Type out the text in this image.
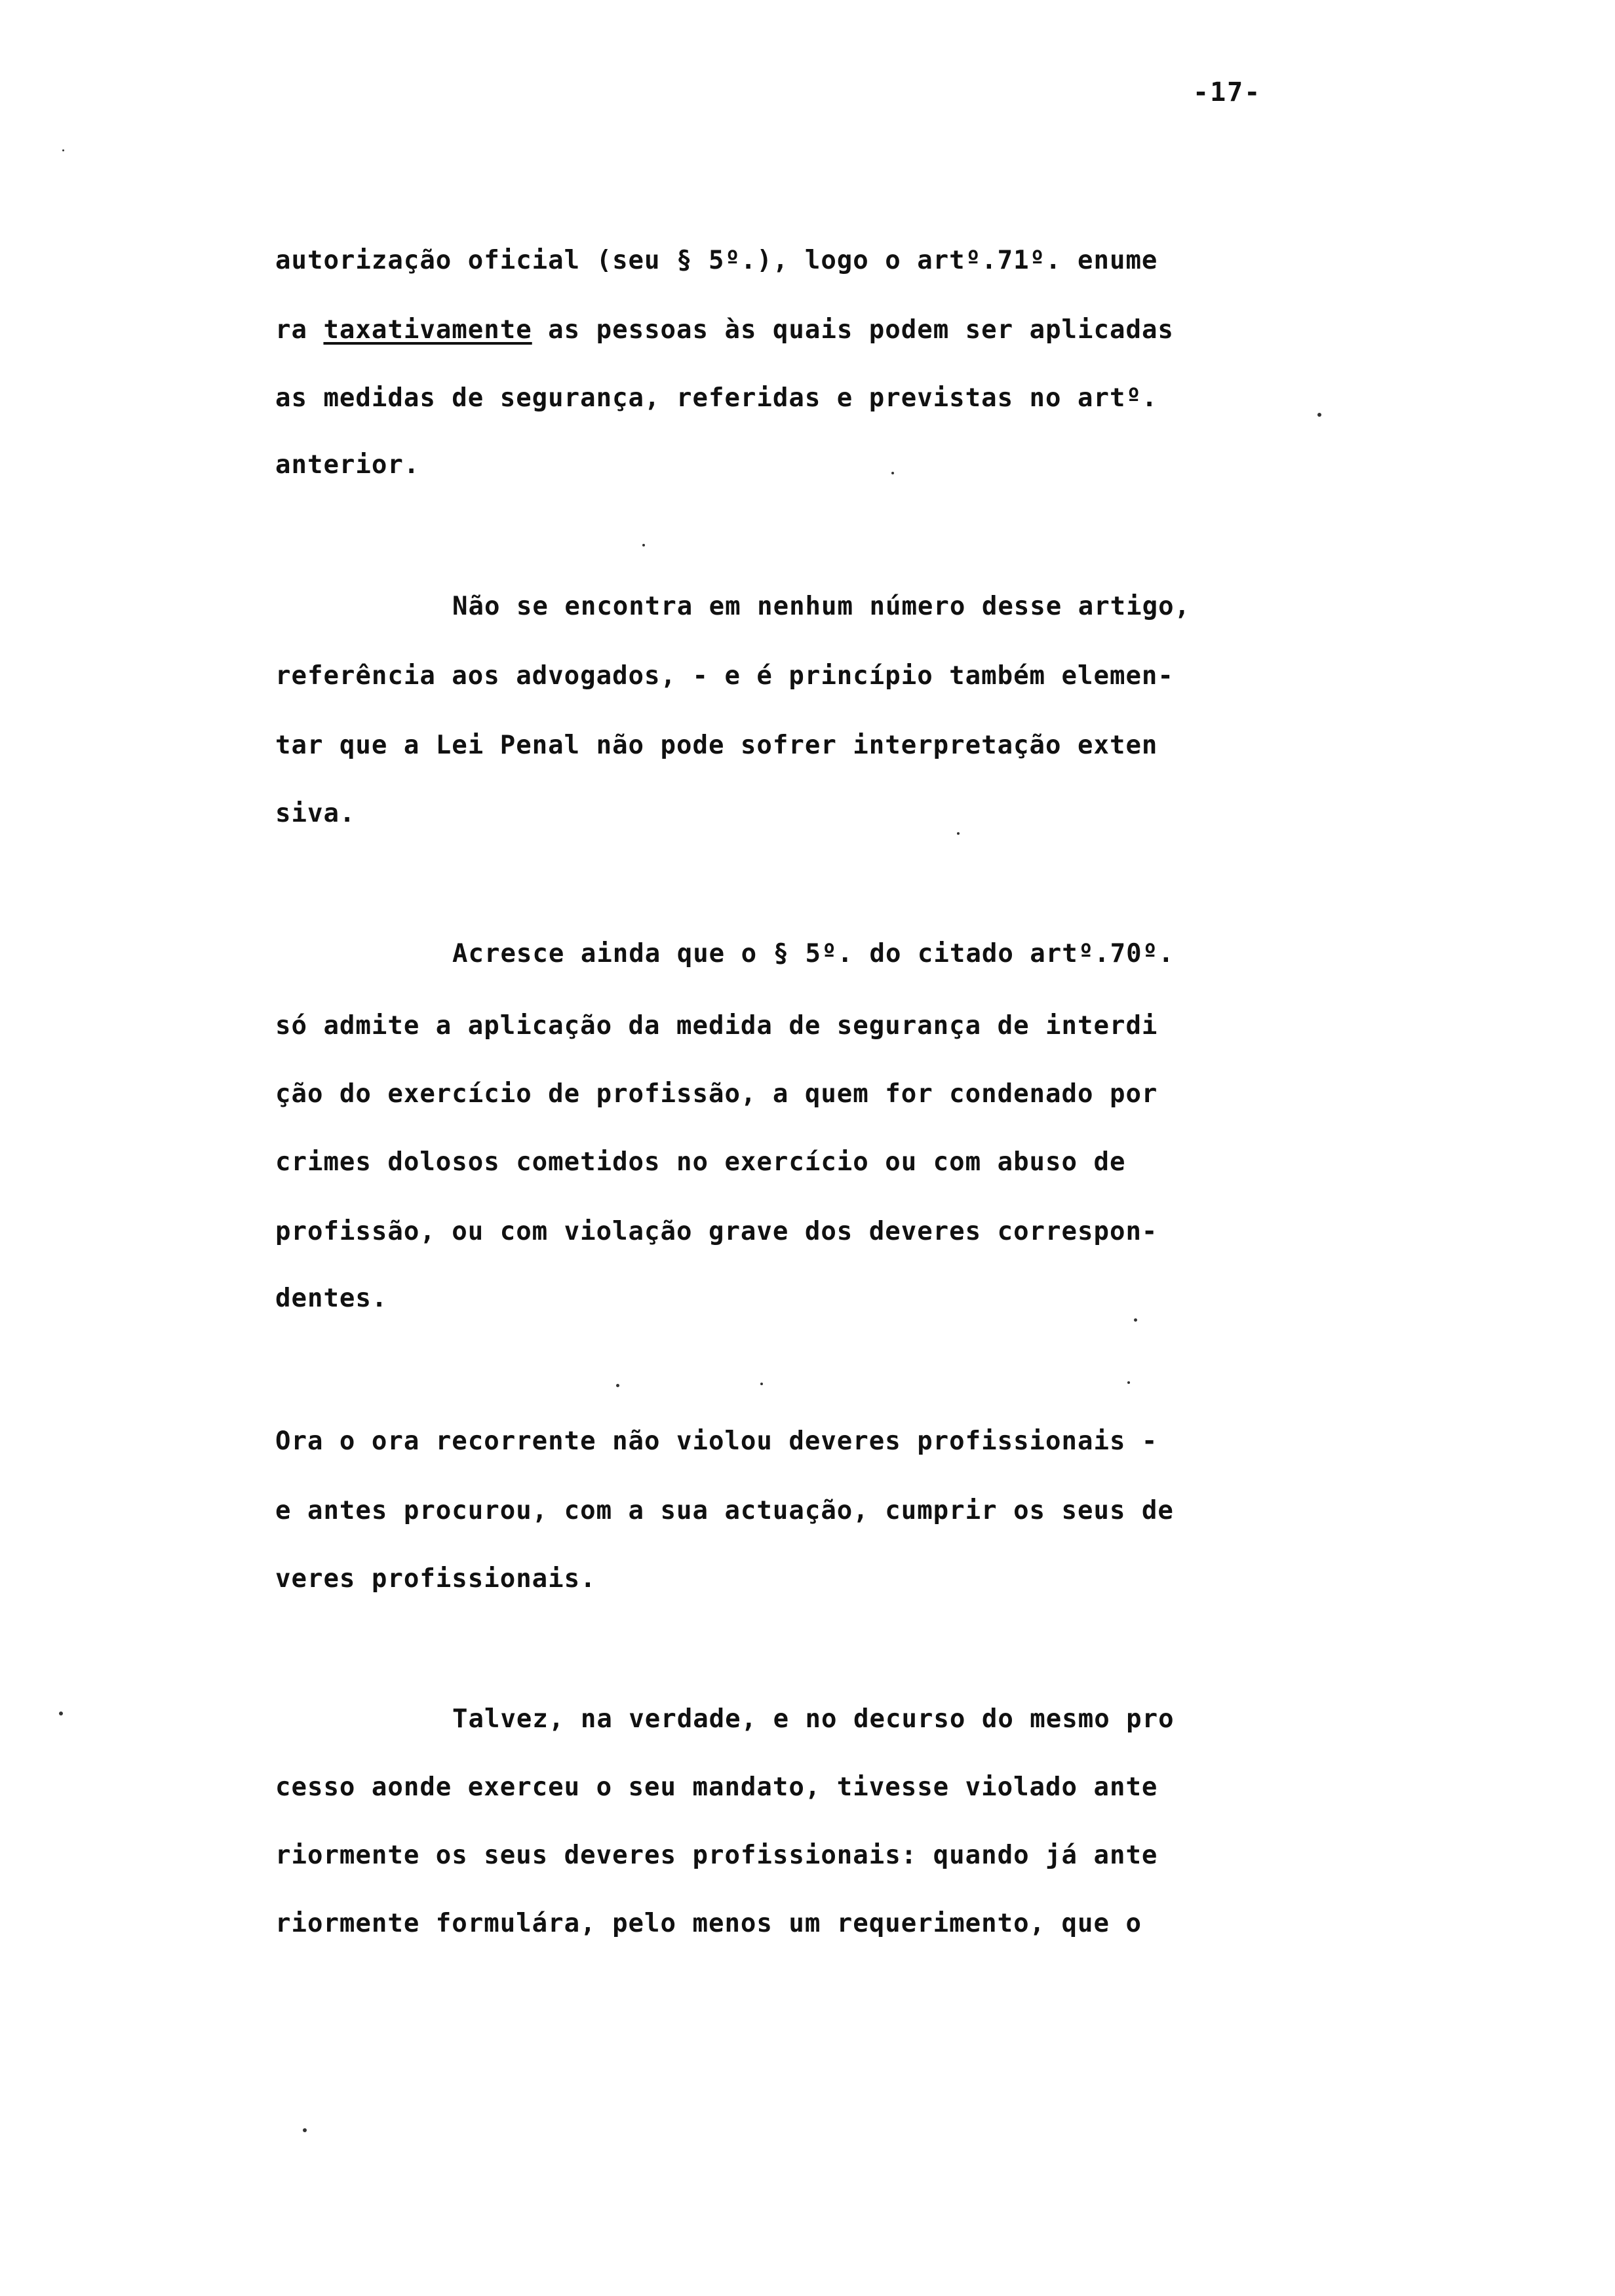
-17-
autorização oficial (seu § 5º.), logo o artº.71º. enume
ra taxativamente as pessoas às quais podem ser aplicadas
as medidas de segurança, referidas e previstas no artº.
anterior.
Não se encontra em nenhum número desse artigo,
referência aos advogados, - e é princípio também elemen-
tar que a Lei Penal não pode sofrer interpretação exten
siva.
Acresce ainda que o § 5º. do citado artº.70º.
só admite a aplicação da medida de segurança de interdi
ção do exercício de profissão, a quem for condenado por
crimes dolosos cometidos no exercício ou com abuso de
profissão, ou com violação grave dos deveres correspon-
dentes.
Ora o ora recorrente não violou deveres profissionais -
e antes procurou, com a sua actuação, cumprir os seus de
veres profissionais.
Talvez, na verdade, e no decurso do mesmo pro
cesso aonde exerceu o seu mandato, tivesse violado ante
riormente os seus deveres profissionais: quando já ante
riormente formulára, pelo menos um requerimento, que o
